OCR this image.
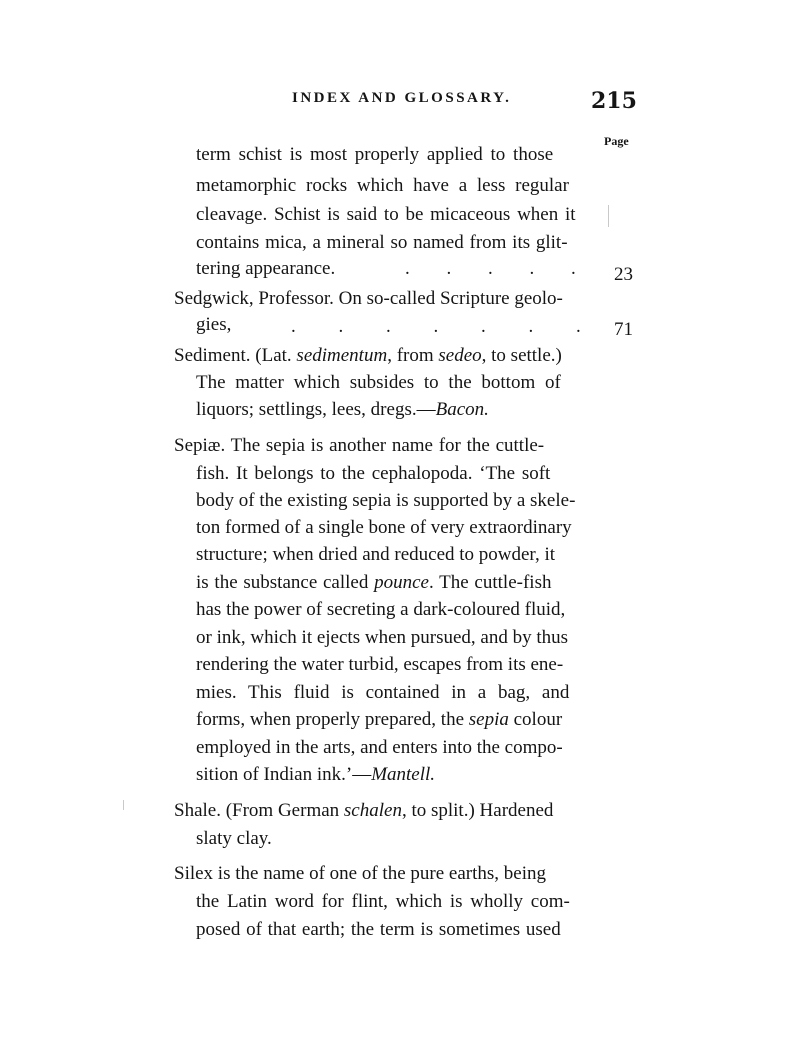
INDEX AND GLOSSARY.	215
Page
term schist is most properly applied to those
metamorphic rocks which have a less regular
cleavage. Schist is said to be micaceous when it
contains mica, a mineral so named from its glit-
tering appearance.	. . . . . 23
Sedgwick, Professor. On so-called Scripture geolo-
gies,	. . . . . . . 71
Sediment. (Lat. sedimentum, from sedeo, to settle.)
The matter which subsides to the bottom of
liquors; settlings, lees, dregs.—Bacon.
Sepiæ. The sepia is another name for the cuttle-
fish. It belongs to the cephalopoda. ‘The soft
body of the existing sepia is supported by a skele-
ton formed of a single bone of very extraordinary
structure; when dried and reduced to powder, it
is the substance called pounce. The cuttle-fish
has the power of secreting a dark-coloured fluid,
or ink, which it ejects when pursued, and by thus
rendering the water turbid, escapes from its ene-
mies. This fluid is contained in a bag, and
forms, when properly prepared, the sepia colour
employed in the arts, and enters into the compo-
sition of Indian ink.’—Mantell.
Shale. (From German schalen, to split.) Hardened
slaty clay.
Silex is the name of one of the pure earths, being
the Latin word for flint, which is wholly com-
posed of that earth; the term is sometimes used
